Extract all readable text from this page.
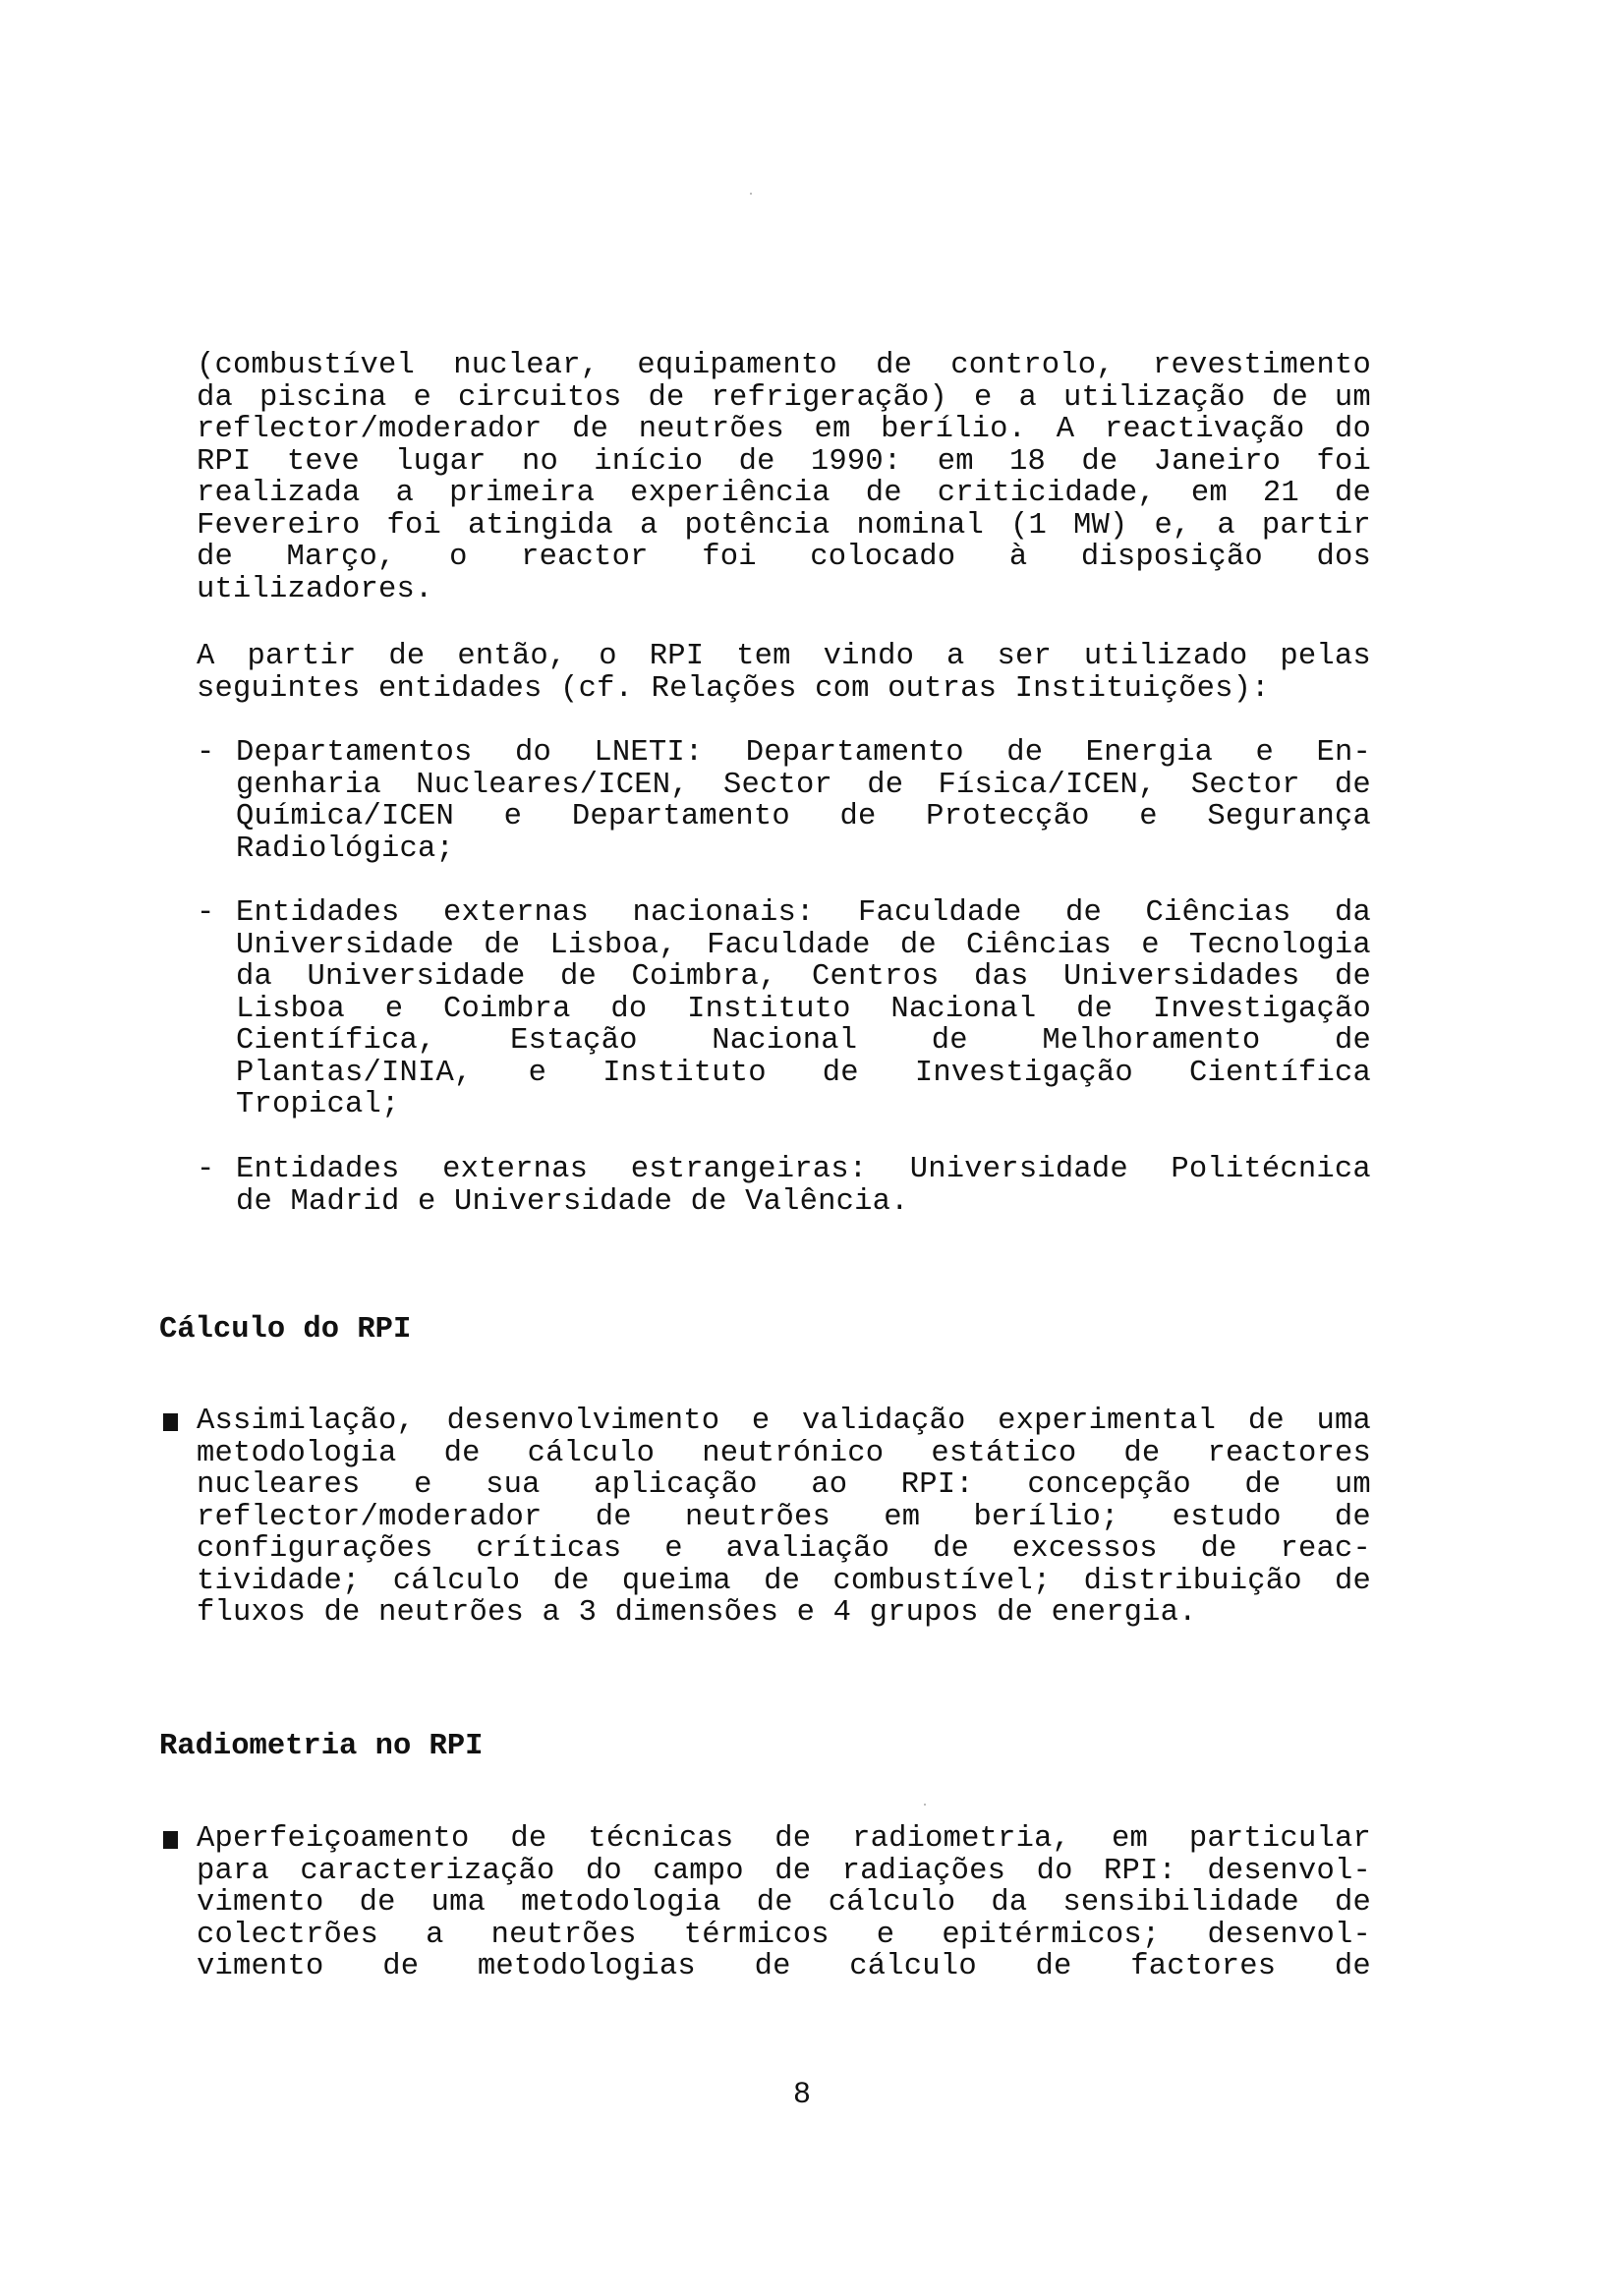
(combustível nuclear, equipamento de controlo, revestimento
da piscina e circuitos de refrigeração) e a utilização de um
reflector/moderador de neutrões em berílio. A reactivação do
RPI teve lugar no início de 1990: em 18 de Janeiro foi
realizada a primeira experiência de criticidade, em 21 de
Fevereiro foi atingida a potência nominal (1 MW) e, a partir
de Março, o reactor foi colocado à disposição dos
utilizadores.
A partir de então, o RPI tem vindo a ser utilizado pelas
seguintes entidades (cf. Relações com outras Instituições):
- Departamentos do LNETI: Departamento de Energia e En-
genharia Nucleares/ICEN, Sector de Física/ICEN, Sector de
Química/ICEN e Departamento de Protecção e Segurança
Radiológica;
- Entidades externas nacionais: Faculdade de Ciências da
Universidade de Lisboa, Faculdade de Ciências e Tecnologia
da Universidade de Coimbra, Centros das Universidades de
Lisboa e Coimbra do Instituto Nacional de Investigação
Científica, Estação Nacional de Melhoramento de
Plantas/INIA, e Instituto de Investigação Científica
Tropical;
- Entidades externas estrangeiras: Universidade Politécnica
de Madrid e Universidade de Valência.
Cálculo do RPI
Assimilação, desenvolvimento e validação experimental de uma
metodologia de cálculo neutrónico estático de reactores
nucleares e sua aplicação ao RPI: concepção de um
reflector/moderador de neutrões em berílio; estudo de
configurações críticas e avaliação de excessos de reac-
tividade; cálculo de queima de combustível; distribuição de
fluxos de neutrões a 3 dimensões e 4 grupos de energia.
Radiometria no RPI
Aperfeiçoamento de técnicas de radiometria, em particular
para caracterização do campo de radiações do RPI: desenvol-
vimento de uma metodologia de cálculo da sensibilidade de
colectrões a neutrões térmicos e epitérmicos; desenvol-
vimento de metodologias de cálculo de factores de
8
